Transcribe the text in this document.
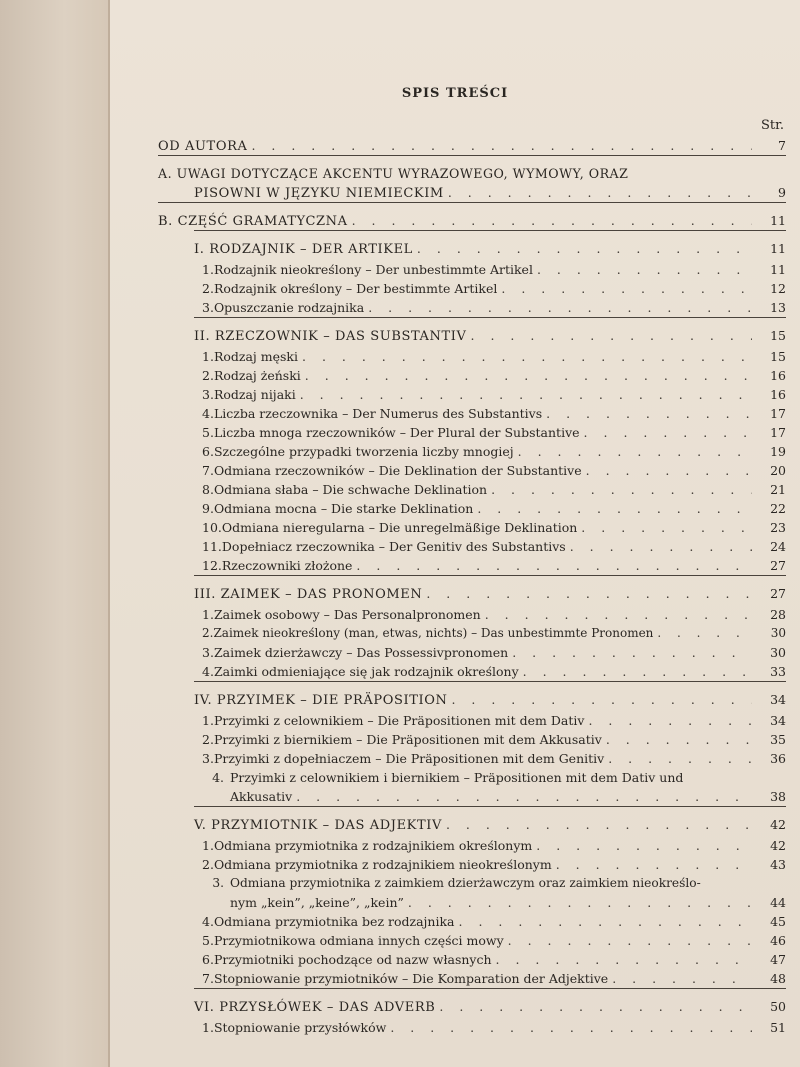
SPIS TREŚCI
Str.
OD AUTORA . . .	7
A. UWAGI DOTYCZĄCE AKCENTU WYRAZOWEGO, WYMOWY, ORAZ
PISOWNI W JĘZYKU NIEMIECKIM . . .	9
B. CZĘŚĆ GRAMATYCZNA . . .	11
I. RODZAJNIK – DER ARTIKEL . . .	11
1.Rodzajnik nieokreślony – Der unbestimmte Artikel . . .	11
2.Rodzajnik określony – Der bestimmte Artikel . . .	12
3.Opuszczanie rodzajnika . . .	13
II. RZECZOWNIK – DAS SUBSTANTIV . . .	15
1.Rodzaj męski . . .	15
2.Rodzaj żeński . . .	16
3.Rodzaj nijaki . . .	16
4.Liczba rzeczownika – Der Numerus des Substantivs . . .	17
5.Liczba mnoga rzeczowników – Der Plural der Substantive . . .	17
6.Szczególne przypadki tworzenia liczby mnogiej . . .	19
7.Odmiana rzeczowników – Die Deklination der Substantive . . .	20
8.Odmiana słaba – Die schwache Deklination . . .	21
9.Odmiana mocna – Die starke Deklination . . .	22
10.Odmiana nieregularna – Die unregelmäßige Deklination . . .	23
11.Dopełniacz rzeczownika – Der Genitiv des Substantivs . . .	24
12.Rzeczowniki złożone . . .	27
III. ZAIMEK – DAS PRONOMEN . . .	27
1.Zaimek osobowy – Das Personalpronomen . . .	28
2.Zaimek nieokreślony (man, etwas, nichts) – Das unbestimmte Pronomen . . .	30
3.Zaimek dzierżawczy – Das Possessivpronomen . . .	30
4.Zaimki odmieniające się jak rodzajnik określony . . .	33
IV. PRZYIMEK – DIE PRÄPOSITION . . .	34
1.Przyimki z celownikiem – Die Präpositionen mit dem Dativ . . .	34
2.Przyimki z biernikiem – Die Präpositionen mit dem Akkusativ . . .	35
3.Przyimki z dopełniaczem – Die Präpositionen mit dem Genitiv . . .	36
4. Przyimki z celownikiem i biernikiem – Präpositionen mit dem Dativ und
Akkusativ . . .	38
V. PRZYMIOTNIK – DAS ADJEKTIV . . .	42
1.Odmiana przymiotnika z rodzajnikiem określonym . . .	42
2.Odmiana przymiotnika z rodzajnikiem nieokreślonym . . .	43
3. Odmiana przymiotnika z zaimkiem dzierżawczym oraz zaimkiem nieokreślo-
nym „kein”, „keine”, „kein” . . .	44
4.Odmiana przymiotnika bez rodzajnika . . .	45
5.Przymiotnikowa odmiana innych części mowy . . .	46
6.Przymiotniki pochodzące od nazw własnych . . .	47
7.Stopniowanie przymiotników – Die Komparation der Adjektive . . .	48
VI. PRZYSŁÓWEK – DAS ADVERB . . .	50
1.Stopniowanie przysłówków . . .	51
